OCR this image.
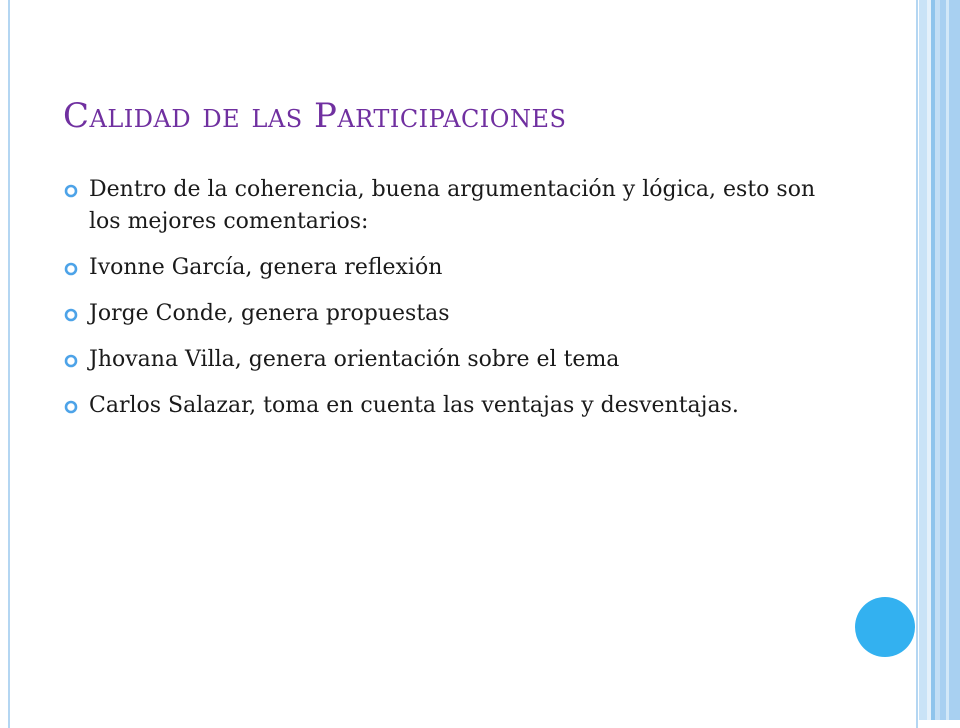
Calidad de las Participaciones
Dentro de la coherencia, buena argumentación y lógica, esto son los mejores comentarios:
Ivonne García, genera reflexión
Jorge Conde, genera propuestas
Jhovana Villa, genera orientación sobre el tema
Carlos Salazar, toma en cuenta las ventajas y desventajas.
